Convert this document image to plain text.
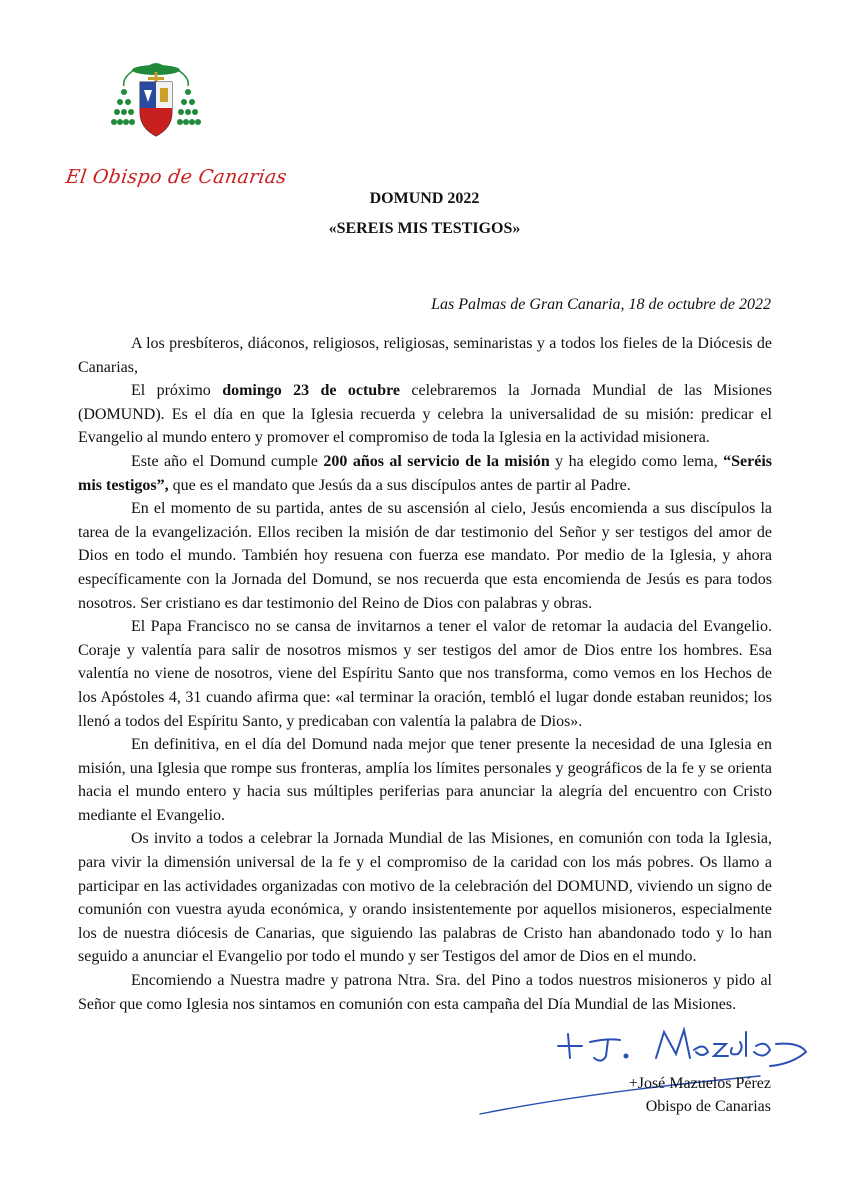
El Obispo de Canarias
DOMUND 2022
«SEREIS MIS TESTIGOS»
Las Palmas de Gran Canaria, 18 de octubre de 2022

A los presbíteros, diáconos, religiosos, religiosas, seminaristas y a todos los fieles de la Diócesis de Canarias,

El próximo domingo 23 de octubre celebraremos la Jornada Mundial de las Misiones (DOMUND). Es el día en que la Iglesia recuerda y celebra la universalidad de su misión: predicar el Evangelio al mundo entero y promover el compromiso de toda la Iglesia en la actividad misionera.

Este año el Domund cumple 200 años al servicio de la misión y ha elegido como lema, “Seréis mis testigos”, que es el mandato que Jesús da a sus discípulos antes de partir al Padre.

En el momento de su partida, antes de su ascensión al cielo, Jesús encomienda a sus discípulos la tarea de la evangelización. Ellos reciben la misión de dar testimonio del Señor y ser testigos del amor de Dios en todo el mundo. También hoy resuena con fuerza ese mandato. Por medio de la Iglesia, y ahora específicamente con la Jornada del Domund, se nos recuerda que esta encomienda de Jesús es para todos nosotros. Ser cristiano es dar testimonio del Reino de Dios con palabras y obras.

El Papa Francisco no se cansa de invitarnos a tener el valor de retomar la audacia del Evangelio. Coraje y valentía para salir de nosotros mismos y ser testigos del amor de Dios entre los hombres. Esa valentía no viene de nosotros, viene del Espíritu Santo que nos transforma, como vemos en los Hechos de los Apóstoles 4, 31 cuando afirma que: «al terminar la oración, tembló el lugar donde estaban reunidos; los llenó a todos del Espíritu Santo, y predicaban con valentía la palabra de Dios».

En definitiva, en el día del Domund nada mejor que tener presente la necesidad de una Iglesia en misión, una Iglesia que rompe sus fronteras, amplía los límites personales y geográficos de la fe y se orienta hacia el mundo entero y hacia sus múltiples periferias para anunciar la alegría del encuentro con Cristo mediante el Evangelio.

Os invito a todos a celebrar la Jornada Mundial de las Misiones, en comunión con toda la Iglesia, para vivir la dimensión universal de la fe y el compromiso de la caridad con los más pobres. Os llamo a participar en las actividades organizadas con motivo de la celebración del DOMUND, viviendo un signo de comunión con vuestra ayuda económica, y orando insistentemente por aquellos misioneros, especialmente los de nuestra diócesis de Canarias, que siguiendo las palabras de Cristo han abandonado todo y lo han seguido a anunciar el Evangelio por todo el mundo y ser Testigos del amor de Dios en el mundo.

Encomiendo a Nuestra madre y patrona Ntra. Sra. del Pino a todos nuestros misioneros y pido al Señor que como Iglesia nos sintamos en comunión con esta campaña del Día Mundial de las Misiones.

+José Mazuelos Pérez
Obispo de Canarias
